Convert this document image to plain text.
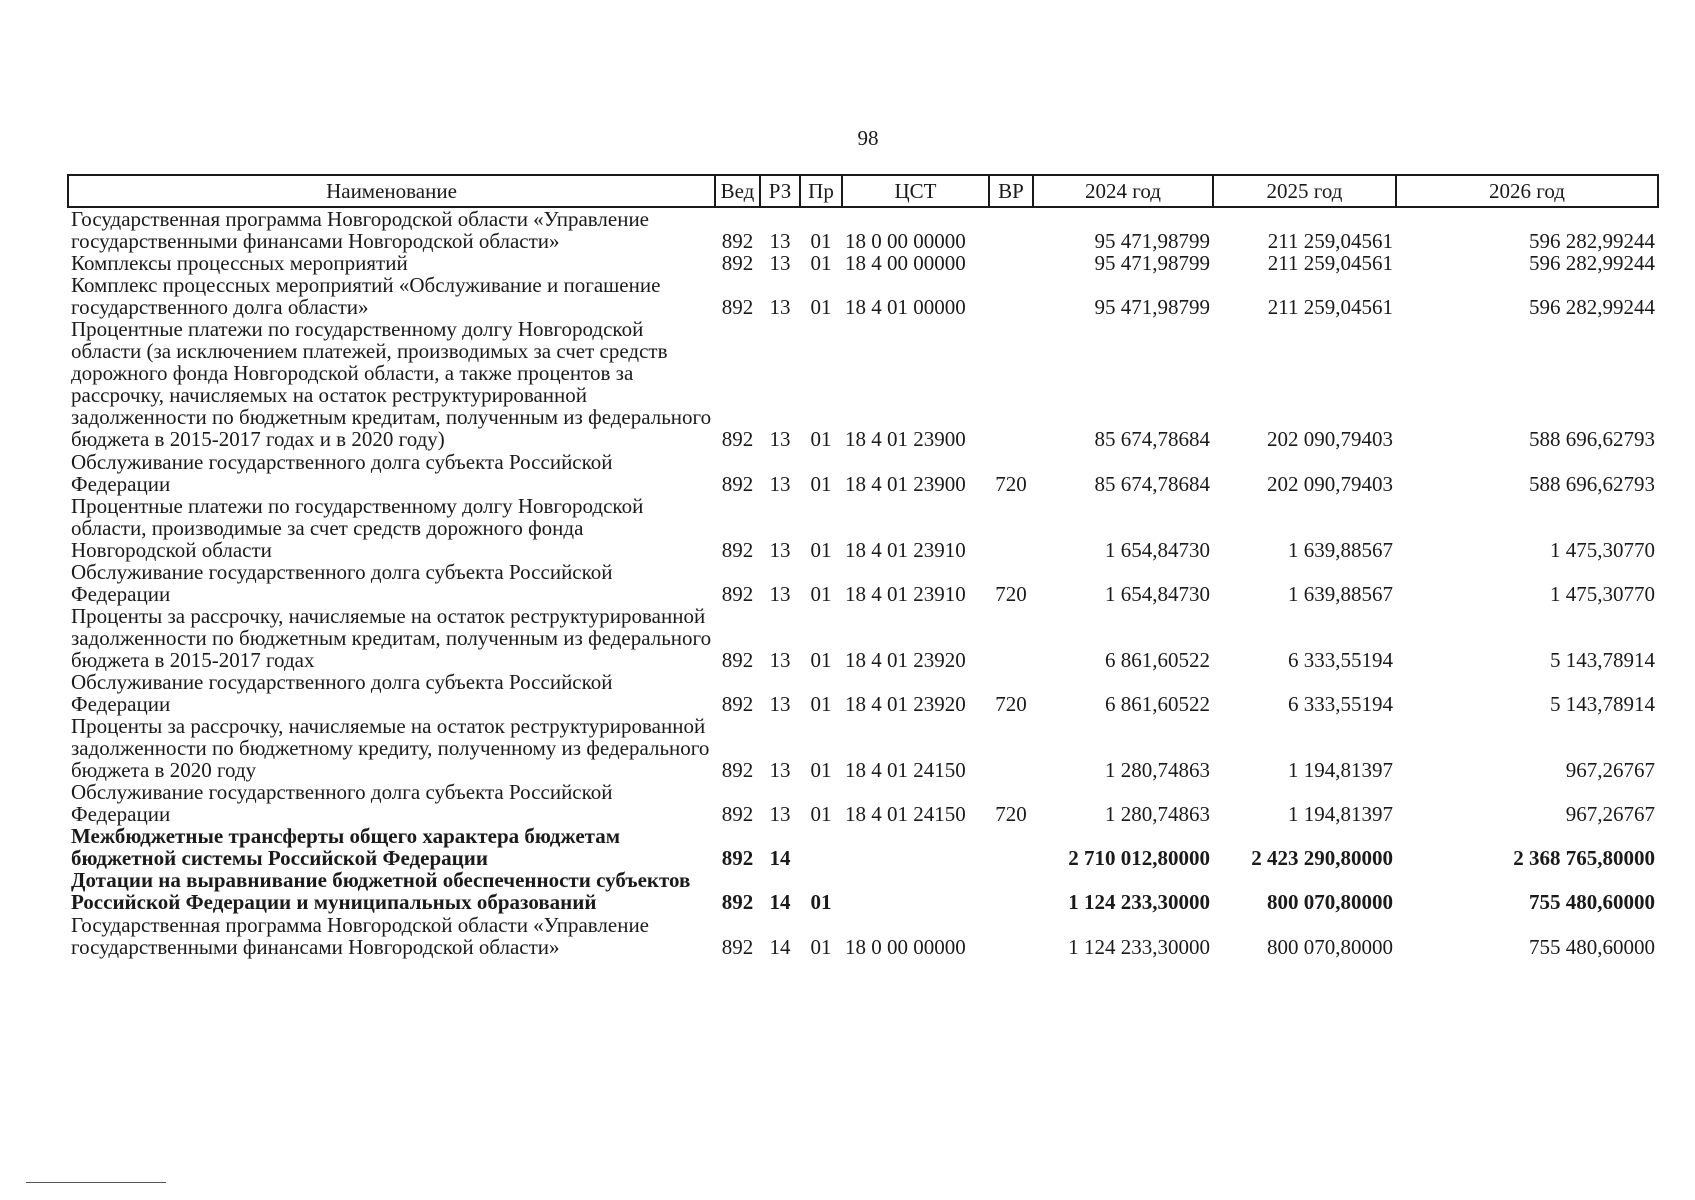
98
Наименование	Вед	РЗ	Пр	ЦСТ	ВР	2024 год	2025 год	2026 год
Государственная программа Новгородской области «Управление государственными финансами Новгородской области»	892	13	01	18 0 00 00000		95 471,98799	211 259,04561	596 282,99244
Комплексы процессных мероприятий	892	13	01	18 4 00 00000		95 471,98799	211 259,04561	596 282,99244
Комплекс процессных мероприятий «Обслуживание и погашение государственного долга области»	892	13	01	18 4 01 00000		95 471,98799	211 259,04561	596 282,99244
Процентные платежи по государственному долгу Новгородской области (за исключением платежей, производимых за счет средств дорожного фонда Новгородской области, а также процентов за рассрочку, начисляемых на остаток реструктурированной задолженности по бюджетным кредитам, полученным из федерального бюджета в 2015-2017 годах и в 2020 году)	892	13	01	18 4 01 23900		85 674,78684	202 090,79403	588 696,62793
Обслуживание государственного долга субъекта Российской Федерации	892	13	01	18 4 01 23900	720	85 674,78684	202 090,79403	588 696,62793
Процентные платежи по государственному долгу Новгородской области, производимые за счет средств дорожного фонда Новгородской области	892	13	01	18 4 01 23910		1 654,84730	1 639,88567	1 475,30770
Обслуживание государственного долга субъекта Российской Федерации	892	13	01	18 4 01 23910	720	1 654,84730	1 639,88567	1 475,30770
Проценты за рассрочку, начисляемые на остаток реструктурированной задолженности по бюджетным кредитам, полученным из федерального бюджета в 2015-2017 годах	892	13	01	18 4 01 23920		6 861,60522	6 333,55194	5 143,78914
Обслуживание государственного долга субъекта Российской Федерации	892	13	01	18 4 01 23920	720	6 861,60522	6 333,55194	5 143,78914
Проценты за рассрочку, начисляемые на остаток реструктурированной задолженности по бюджетному кредиту, полученному из федерального бюджета в 2020 году	892	13	01	18 4 01 24150		1 280,74863	1 194,81397	967,26767
Обслуживание государственного долга субъекта Российской Федерации	892	13	01	18 4 01 24150	720	1 280,74863	1 194,81397	967,26767
Межбюджетные трансферты общего характера бюджетам бюджетной системы Российской Федерации	892	14				2 710 012,80000	2 423 290,80000	2 368 765,80000
Дотации на выравнивание бюджетной обеспеченности субъектов Российской Федерации и муниципальных образований	892	14	01			1 124 233,30000	800 070,80000	755 480,60000
Государственная программа Новгородской области «Управление государственными финансами Новгородской области»	892	14	01	18 0 00 00000		1 124 233,30000	800 070,80000	755 480,60000
